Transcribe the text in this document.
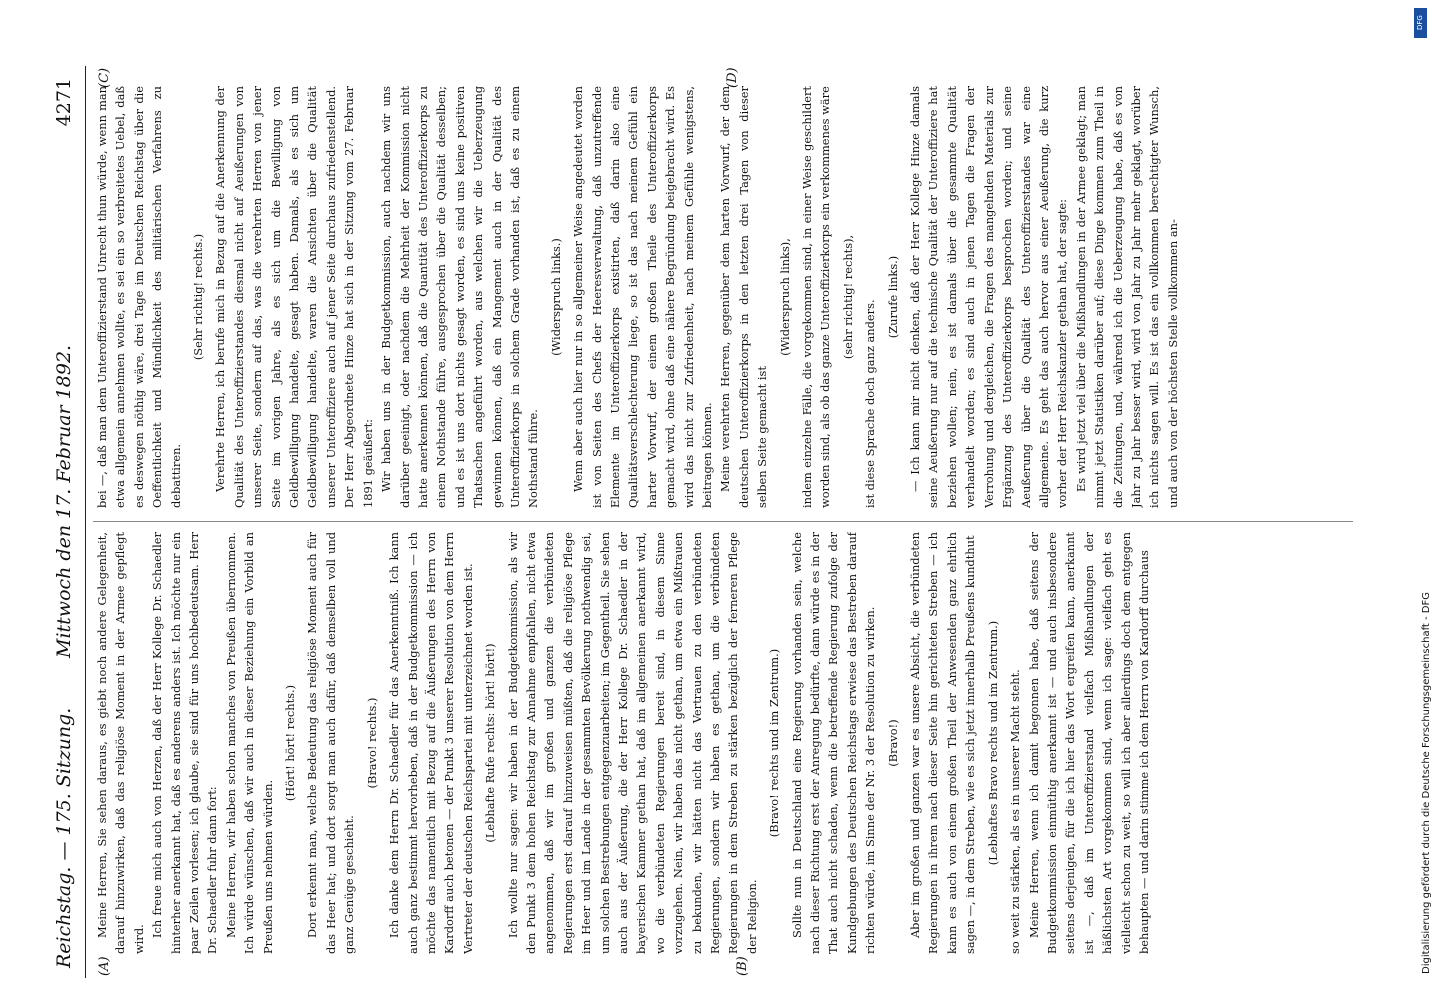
Reichstag. — 175. Sitzung.
Mittwoch den 17. Februar 1892.
4271
(A)	(B)
(C)	(D)

Meine Herren, Sie sehen daraus, es giebt noch andere Gelegenheit, darauf hinzuwirken, daß das religiöse Moment in der Armee gepflegt wird.

Ich freue mich auch von Herzen, daß der Herr Kollege Dr. Schaedler hinterher anerkannt hat, daß es anderens anders ist. Ich möchte nur ein paar Zeilen vorlesen; ich glaube, sie sind für uns hochbedeutsam. Herr Dr. Schaedler fuhr dann fort: Meine Herren, wir haben schon manches von Preußen übernommen. Ich würde wünschen, daß wir auch in dieser Beziehung ein Vorbild an Preußen uns nehmen würden.

(Hört! hört! rechts.) Dort erkennt man, welche Bedeutung das religiöse Moment auch für das Heer hat; und dort sorgt man auch dafür, daß demselben voll und ganz Genüge geschieht.

(Bravo! rechts.) Ich danke dem Herrn Dr. Schaedler für das Anerkenntniß. Ich kann auch ganz bestimmt hervorheben, daß in der Budgetkommission — ich möchte das namentlich mit Bezug auf die Äußerungen des Herrn von Kardorff auch betonen — der Punkt 3 unserer Resolution von dem Herrn Vertreter der deutschen Reichspartei mit unterzeichnet worden ist. (Lebhafte Rufe rechts: hört! hört!) Ich wollte nur sagen: wir haben in der Budgetkommission, als wir den Punkt 3 dem hohen Reichstag zur Annahme empfahlen, nicht etwa angenommen, daß wir im großen und ganzen die verbündeten Regierungen erst darauf hinzuweisen müßten, daß die religiöse Pflege im Heer und im Lande in der gesammten Bevölkerung nothwendig sei, um solchen Bestrebungen entgegenzuarbeiten; im Gegentheil. Sie sehen auch aus der Äußerung, die der Herr Kollege Dr. Schaedler in der bayerischen Kammer gethan hat, daß im allgemeinen anerkannt wird, wo die verbündeten Regierungen bereit sind, in diesem Sinne vorzugehen. Nein, wir haben das nicht gethan, um etwa ein Mißtrauen zu bekunden, wir hätten nicht das Vertrauen zu den verbündeten Regierungen, sondern wir haben es gethan, um die verbündeten Regierungen in dem Streben zu stärken bezüglich der ferneren Pflege der Religion.

(Bravo! rechts und im Zentrum.) Sollte nun in Deutschland eine Regierung vorhanden sein, welche nach dieser Richtung erst der Anregung bedürfte, dann würde es in der That auch nicht schaden, wenn die betreffende Regierung zufolge der Kundgebungen des Deutschen Reichstags erwiese das Bestreben darauf richten würde, im Sinne der Nr. 3 der Resolution zu wirken. (Bravo!) Aber im großen und ganzen war es unsere Absicht, die verbündeten Regierungen in ihrem nach dieser Seite hin gerichteten Streben — ich kann es auch von einem großen Theil der Anwesenden ganz ehrlich sagen —, in dem Streben, wie es sich jetzt innerhalb Preußens kundthut (Lebhaftes Bravo rechts und im Zentrum.) so weit zu stärken, als es in unserer Macht steht. Meine Herren, wenn ich damit begonnen habe, daß seitens der Budgetkommission einmüthig anerkannt ist — und auch insbesondere seitens derjenigen, für die ich hier das Wort ergreifen kann, anerkannt ist —, daß im Unteroffizierstand vielfach Mißhandlungen der häßlichsten Art vorgekommen sind, wenn ich sage: vielfach geht es vielleicht schon zu weit, so will ich aber allerdings doch dem entgegen behaupten — und darin stimme ich dem Herrn von Kardorff durchaus

bei —, daß man dem Unteroffizierstand Unrecht thun würde, wenn man etwa allgemein annehmen wollte, es sei ein so verbreitetes Uebel, daß es deswegen nöthig wäre, drei Tage im Deutschen Reichstag über die Oeffentlichkeit und Mündlichkeit des militärischen Verfahrens zu debattiren.

(Sehr richtig! rechts.) Verehrte Herren, ich berufe mich in Bezug auf die Anerkennung der Qualität des Unteroffizierstandes diesmal nicht auf Aeußerungen von unserer Seite, sondern auf das, was die verehrten Herren von jener Seite im vorigen Jahre, als es sich um die Bewilligung von Geldbewilligung handelte, gesagt haben. Damals, als es sich um Geldbewilligung handelte, waren die Ansichten über die Qualität unserer Unteroffiziere auch auf jener Seite durchaus zufriedenstellend. Der Herr Abgeordnete Hinze hat sich in der Sitzung vom 27. Februar 1891 geäußert: Wir haben uns in der Budgetkommission, auch nachdem wir uns darüber geeinigt, oder nachdem die Mehrheit der Kommission nicht hatte anerkennen können, daß die Quantität des Unteroffizierkorps zu einem Nothstande führe, ausgesprochen über die Qualität desselben; und es ist uns dort nichts gesagt worden, es sind uns keine positiven Thatsachen angeführt worden, aus welchen wir die Ueberzeugung gewinnen können, daß ein Mangement auch in der Qualität des Unteroffizierkorps in solchem Grade vorhanden ist, daß es zu einem Nothstand führe.

(Widerspruch links.) Wenn aber auch hier nur in so allgemeiner Weise angedeutet worden ist von Seiten des Chefs der Heeresverwaltung, daß unzutreffende Elemente im Unteroffizierkorps existirten, daß darin also eine Qualitätsverschlechterung liege, so ist das nach meinem Gefühl ein harter Vorwurf, der einem großen Theile des Unteroffizierkorps gemacht wird, ohne daß eine nähere Begründung beigebracht wird. Es wird das nicht zur Zufriedenheit, nach meinem Gefühle wenigstens, beitragen können. Meine verehrten Herren, gegenüber dem harten Vorwurf, der dem deutschen Unteroffizierkorps in den letzten drei Tagen von dieser selben Seite gemacht ist

(Widerspruch links), indem einzelne Fälle, die vorgekommen sind, in einer Weise geschildert worden sind, als ob das ganze Unteroffizierkorps ein verkommenes wäre (sehr richtig! rechts),

ist diese Sprache doch ganz anders.

(Zurufe links.) — Ich kann mir nicht denken, daß der Herr Kollege Hinze damals seine Aeußerung nur auf die technische Qualität der Unteroffiziere hat beziehen wollen; nein, es ist damals über die gesammte Qualität verhandelt worden; es sind auch in jenen Tagen die Fragen der Verrohung und dergleichen, die Fragen des mangelnden Materials zur Ergänzung des Unteroffizierkorps besprochen worden; und seine Aeußerung über die Qualität des Unteroffizierstandes war eine allgemeine. Es geht das auch hervor aus einer Aeußerung, die kurz vorher der Herr Reichskanzler gethan hat, der sagte: Es wird jetzt viel über die Mißhandlungen in der Armee geklagt; man nimmt jetzt Statistiken darüber auf; diese Dinge kommen zum Theil in die Zeitungen, und, während ich die Ueberzeugung habe, daß es von Jahr zu Jahr besser wird, wird von Jahr zu Jahr mehr geklagt, worüber ich nichts sagen will. Es ist das ein vollkommen berechtigter Wunsch, und auch von der höchsten Stelle vollkommen an-

DFG
Digitalisierung gefördert durch die Deutsche Forschungsgemeinschaft - DFG
